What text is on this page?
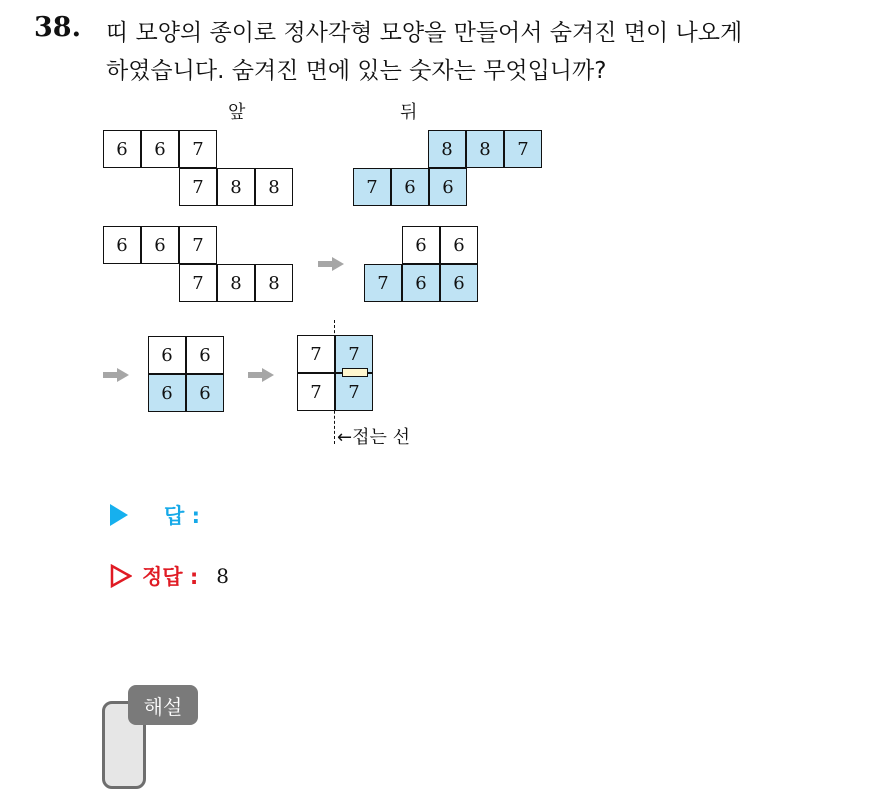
38. 띠 모양의 종이로 정사각형 모양을 만들어서 숨겨진 면이 나오게
하였습니다. 숨겨진 면에 있는 숫자는 무엇입니까?
앞	뒤
6	6	7
7	8	8
8	8	7
7	6	6
6	6	7
7	8	8
6	6
7	6	6
6	6
6	6
7	7
7	7
←접는 선
답 :
정답 : 8
해설
